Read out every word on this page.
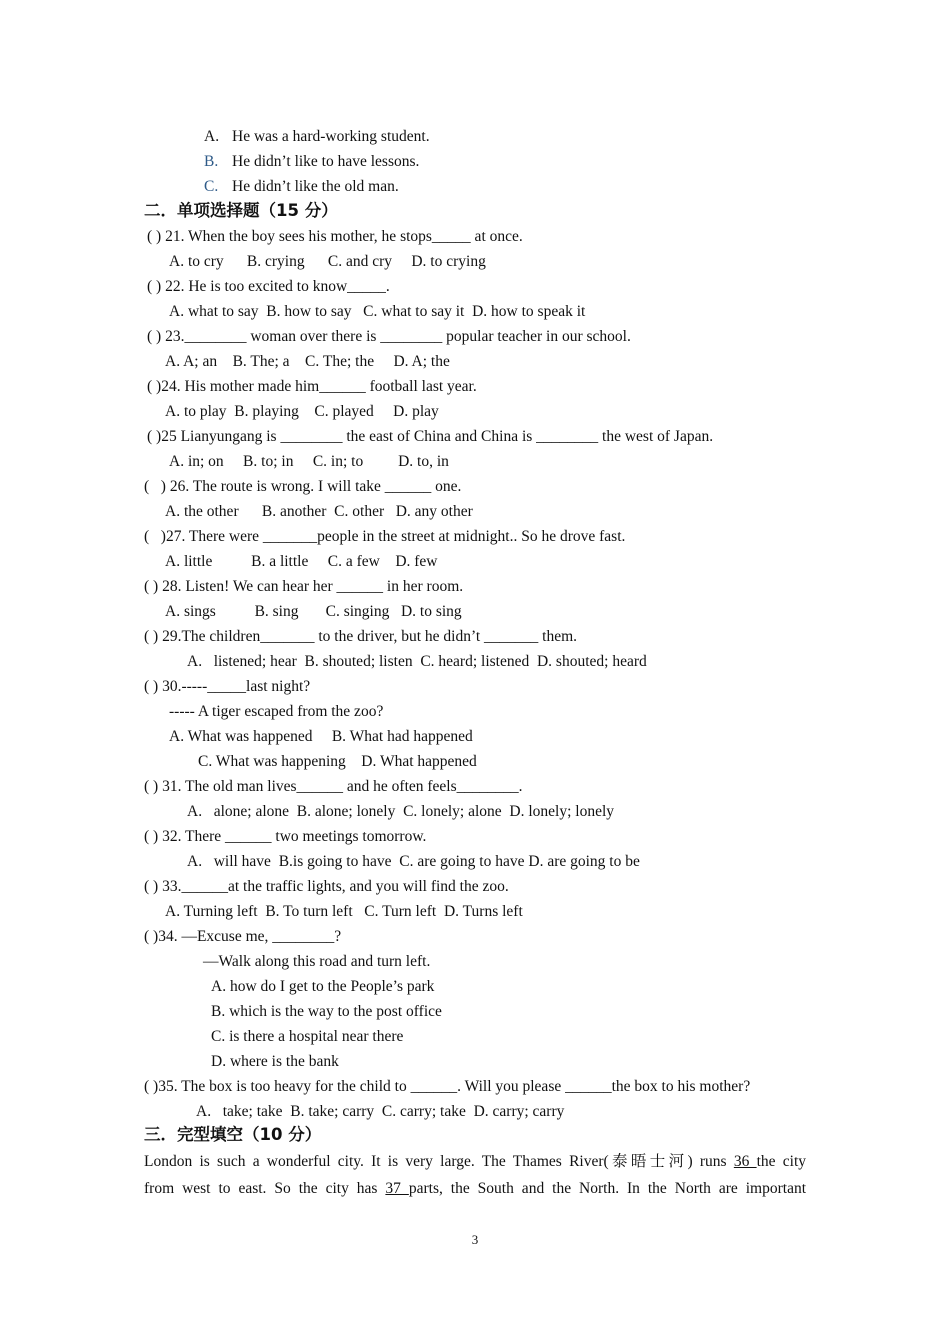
A. He was a hard-working student.
B. He didn’t like to have lessons.
C. He didn’t like the old man.
二．单项选择题（15 分）
( ) 21. When the boy sees his mother, he stops_____ at once.
A. to cry      B. crying      C. and cry     D. to crying
( ) 22. He is too excited to know_____.
A. what to say  B. how to say   C. what to say it  D. how to speak it
( ) 23.________ woman over there is ________ popular teacher in our school.
A. A; an    B. The; a    C. The; the     D. A; the
( )24. His mother made him______ football last year.
A. to play  B. playing    C. played     D. play
( )25 Lianyungang is ________ the east of China and China is ________ the west of Japan.
A. in; on     B. to; in     C. in; to         D. to, in
(   ) 26. The route is wrong. I will take ______ one.
A. the other      B. another  C. other   D. any other
(   )27. There were _______people in the street at midnight.. So he drove fast.
A. little          B. a little     C. a few    D. few
( ) 28. Listen! We can hear her ______ in her room.
A. sings          B. sing       C. singing   D. to sing
( ) 29.The children_______ to the driver, but he didn’t _______ them.
A.   listened; hear  B. shouted; listen  C. heard; listened  D. shouted; heard
( ) 30.-----_____last night?
----- A tiger escaped from the zoo?
A. What was happened     B. What had happened
C. What was happening    D. What happened
( ) 31. The old man lives______ and he often feels________.
A.   alone; alone  B. alone; lonely  C. lonely; alone  D. lonely; lonely
( ) 32. There ______ two meetings tomorrow.
A.   will have  B.is going to have  C. are going to have D. are going to be
( ) 33.______at the traffic lights, and you will find the zoo.
A. Turning left  B. To turn left   C. Turn left  D. Turns left
( )34. —Excuse me, ________?
—Walk along this road and turn left.
A. how do I get to the People’s park
B. which is the way to the post office
C. is there a hospital near there
D. where is the bank
( )35. The box is too heavy for the child to ______. Will you please ______the box to his mother?
A.   take; take  B. take; carry  C. carry; take  D. carry; carry
三．完型填空（10 分）
London is such a wonderful city. It is very large. The Thames River(泰晤士河) runs 36 the city
from west to east. So the city has 37 parts, the South and the North. In the North are important
3
